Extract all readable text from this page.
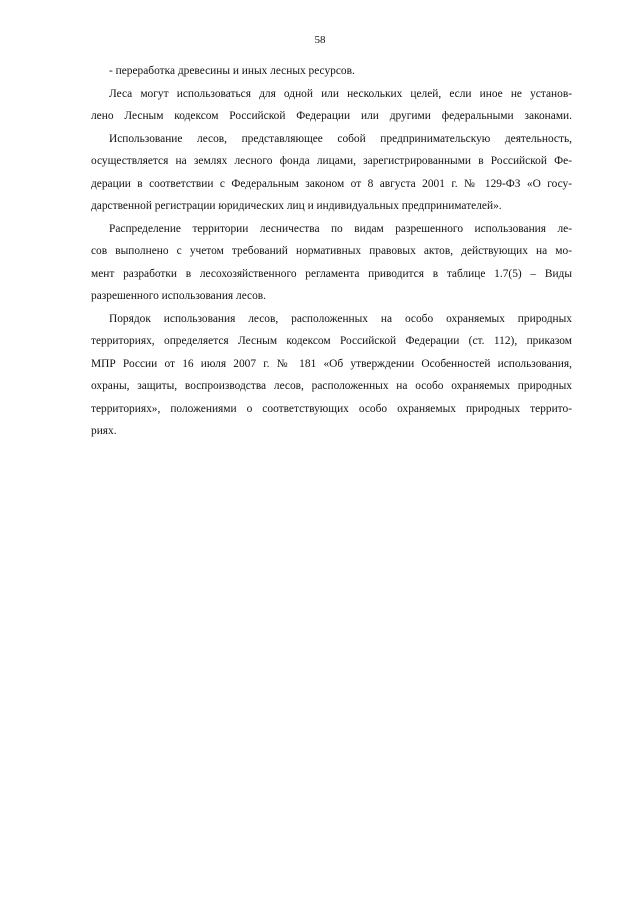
58
- переработка древесины и иных лесных ресурсов.
Леса могут использоваться для одной или нескольких целей, если иное не установ-
лено Лесным кодексом Российской Федерации или другими федеральными законами.
Использование лесов, представляющее собой предпринимательскую деятельность,
осуществляется на землях лесного фонда лицами, зарегистрированными в Российской Фе-
дерации в соответствии с Федеральным законом от 8 августа 2001 г. № 129-ФЗ «О госу-
дарственной регистрации юридических лиц и индивидуальных предпринимателей».
Распределение территории лесничества по видам разрешенного использования ле-
сов выполнено с учетом требований нормативных правовых актов, действующих на мо-
мент разработки в лесохозяйственного регламента приводится в таблице 1.7(5) – Виды
разрешенного использования лесов.
Порядок использования лесов, расположенных на особо охраняемых природных
территориях, определяется Лесным кодексом Российской Федерации (ст. 112), приказом
МПР России от 16 июля 2007 г. № 181 «Об утверждении Особенностей использования,
охраны, защиты, воспроизводства лесов, расположенных на особо охраняемых природных
территориях», положениями о соответствующих особо охраняемых природных террито-
риях.
